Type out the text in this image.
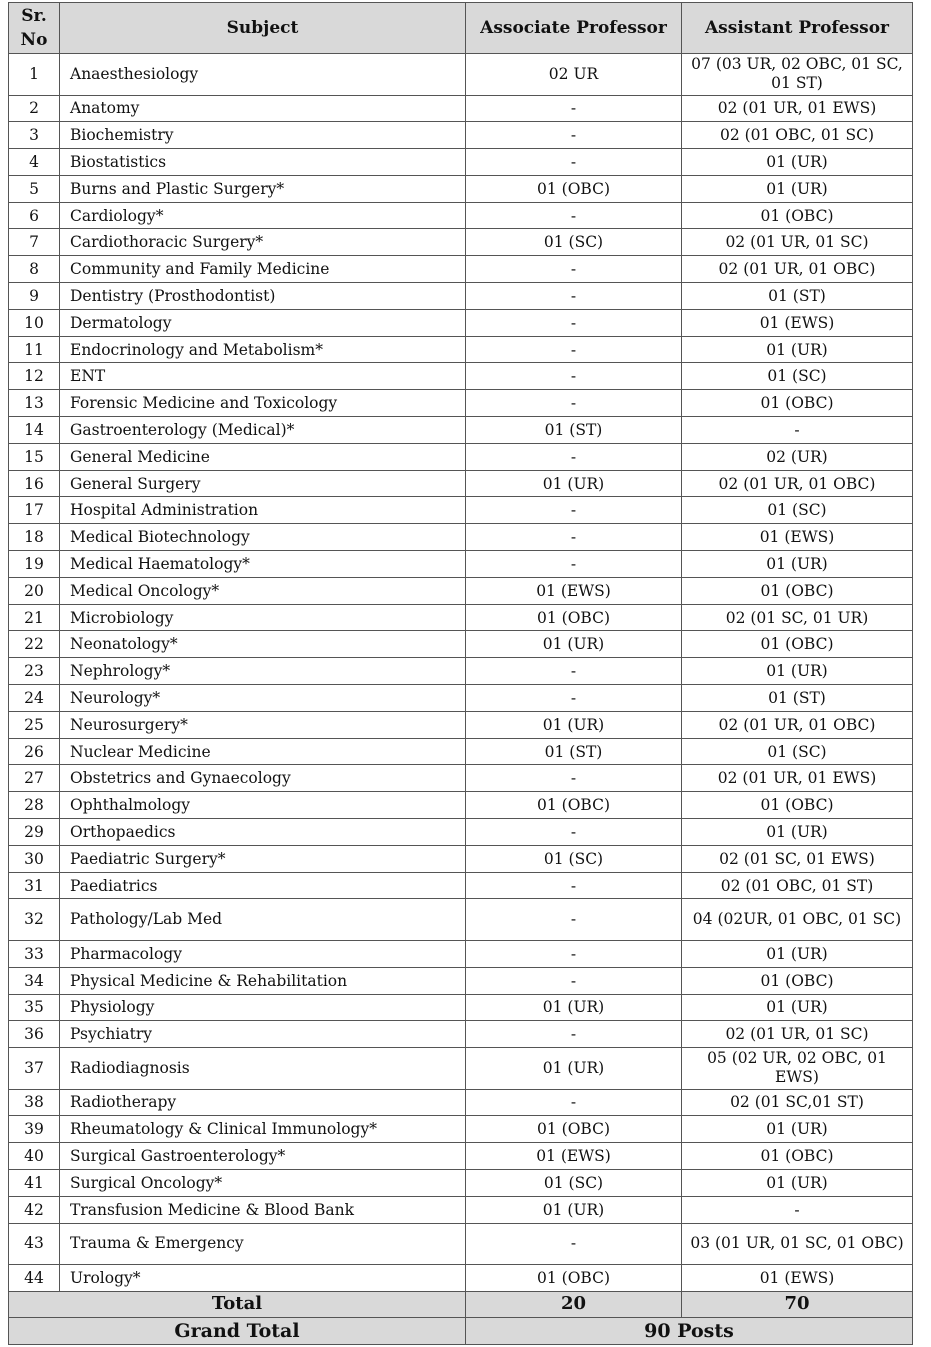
Sr. No	Subject	Associate Professor	Assistant Professor
1	Anaesthesiology	02 UR	07 (03 UR, 02 OBC, 01 SC, 01 ST)
2	Anatomy	-	02 (01 UR, 01 EWS)
3	Biochemistry	-	02 (01 OBC, 01 SC)
4	Biostatistics	-	01 (UR)
5	Burns and Plastic Surgery*	01 (OBC)	01 (UR)
6	Cardiology*	-	01 (OBC)
7	Cardiothoracic Surgery*	01 (SC)	02 (01 UR, 01 SC)
8	Community and Family Medicine	-	02 (01 UR, 01 OBC)
9	Dentistry (Prosthodontist)	-	01 (ST)
10	Dermatology	-	01 (EWS)
11	Endocrinology and Metabolism*	-	01 (UR)
12	ENT	-	01 (SC)
13	Forensic Medicine and Toxicology	-	01 (OBC)
14	Gastroenterology (Medical)*	01 (ST)	-
15	General Medicine	-	02 (UR)
16	General Surgery	01 (UR)	02 (01 UR, 01 OBC)
17	Hospital Administration	-	01 (SC)
18	Medical Biotechnology	-	01 (EWS)
19	Medical Haematology*	-	01 (UR)
20	Medical Oncology*	01 (EWS)	01 (OBC)
21	Microbiology	01 (OBC)	02 (01 SC, 01 UR)
22	Neonatology*	01 (UR)	01 (OBC)
23	Nephrology*	-	01 (UR)
24	Neurology*	-	01 (ST)
25	Neurosurgery*	01 (UR)	02 (01 UR, 01 OBC)
26	Nuclear Medicine	01 (ST)	01 (SC)
27	Obstetrics and Gynaecology	-	02 (01 UR, 01 EWS)
28	Ophthalmology	01 (OBC)	01 (OBC)
29	Orthopaedics	-	01 (UR)
30	Paediatric Surgery*	01 (SC)	02 (01 SC, 01 EWS)
31	Paediatrics	-	02 (01 OBC, 01 ST)
32	Pathology/Lab Med	-	04 (02UR, 01 OBC, 01 SC)
33	Pharmacology	-	01 (UR)
34	Physical Medicine & Rehabilitation	-	01 (OBC)
35	Physiology	01 (UR)	01 (UR)
36	Psychiatry	-	02 (01 UR, 01 SC)
37	Radiodiagnosis	01 (UR)	05 (02 UR, 02 OBC, 01 EWS)
38	Radiotherapy	-	02 (01 SC,01 ST)
39	Rheumatology & Clinical Immunology*	01 (OBC)	01 (UR)
40	Surgical Gastroenterology*	01 (EWS)	01 (OBC)
41	Surgical Oncology*	01 (SC)	01 (UR)
42	Transfusion Medicine & Blood Bank	01 (UR)	-
43	Trauma & Emergency	-	03 (01 UR, 01 SC, 01 OBC)
44	Urology*	01 (OBC)	01 (EWS)
Total		20	70
Grand Total		90 Posts	
